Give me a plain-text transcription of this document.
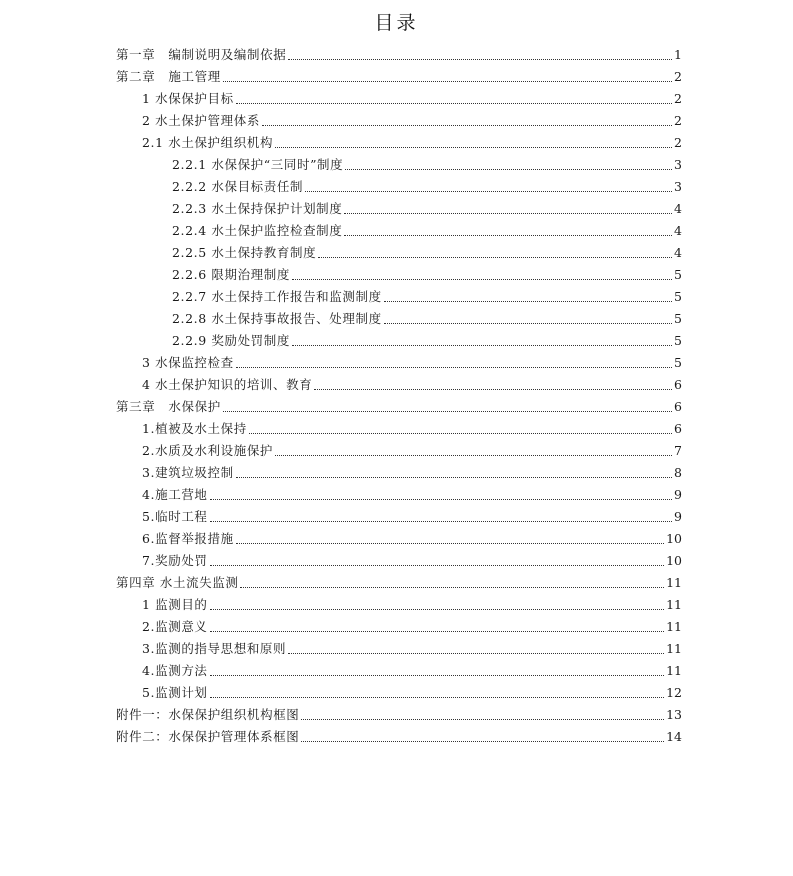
目录
第一章　编制说明及编制依据	1
第二章　施工管理	2
1 水保保护目标	2
2 水土保护管理体系	2
2.1 水土保护组织机构	2
2.2.1 水保保护“三同时”制度	3
2.2.2 水保目标责任制	3
2.2.3 水土保持保护计划制度	4
2.2.4 水土保护监控检查制度	4
2.2.5 水土保持教育制度	4
2.2.6 限期治理制度	5
2.2.7 水土保持工作报告和监测制度	5
2.2.8 水土保持事故报告、处理制度	5
2.2.9 奖励处罚制度	5
3 水保监控检查	5
4 水土保护知识的培训、教育	6
第三章　水保保护	6
1.植被及水土保持	6
2.水质及水利设施保护	7
3.建筑垃圾控制	8
4.施工营地	9
5.临时工程	9
6.监督举报措施	10
7.奖励处罚	10
第四章 水土流失监测	11
1 监测目的	11
2.监测意义	11
3.监测的指导思想和原则	11
4.监测方法	11
5.监测计划	12
附件一：水保保护组织机构框图	13
附件二：水保保护管理体系框图	14
